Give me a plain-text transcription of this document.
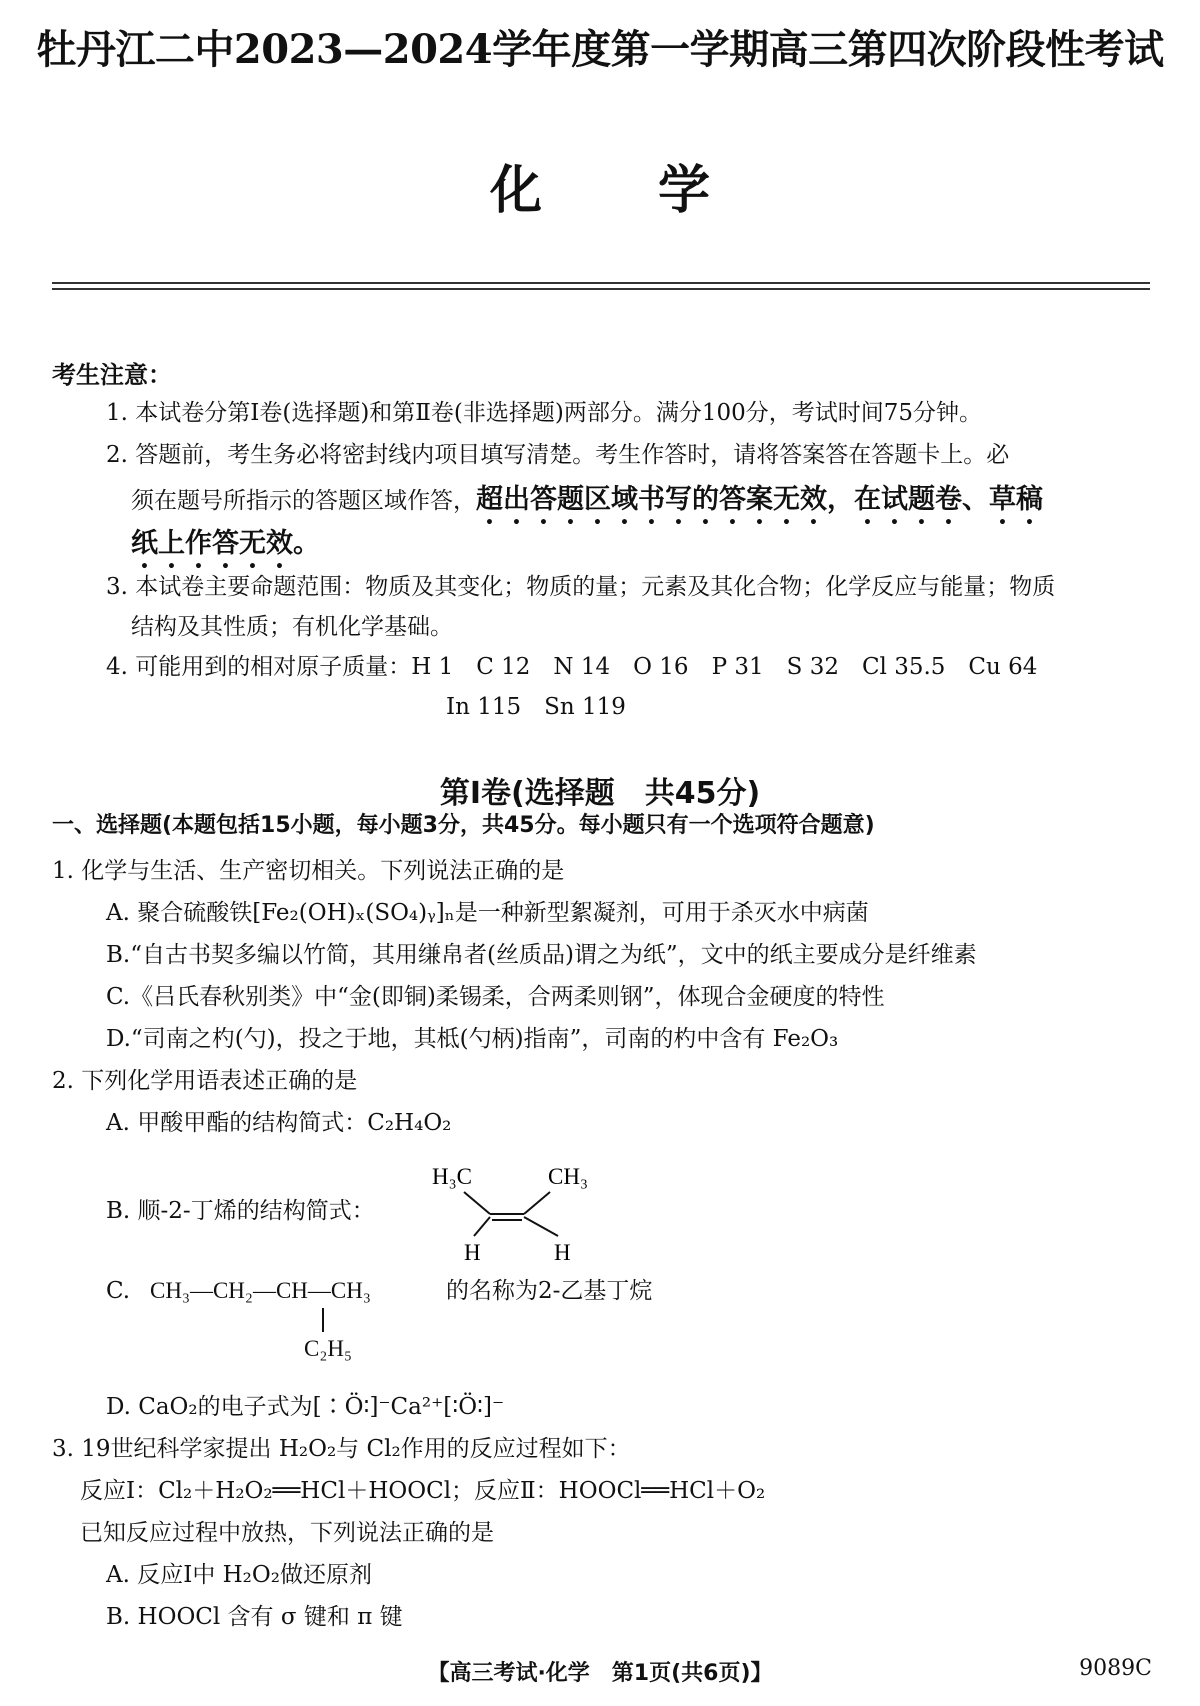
牡丹江二中2023—2024学年度第一学期高三第四次阶段性考试
化 学
考生注意：
1. 本试卷分第Ⅰ卷(选择题)和第Ⅱ卷(非选择题)两部分。满分100分，考试时间75分钟。
2. 答题前，考生务必将密封线内项目填写清楚。考生作答时，请将答案答在答题卡上。必
须在题号所指示的答题区域作答，超出答题区域书写的答案无效，在试题卷、草稿
纸上作答无效。
3. 本试卷主要命题范围：物质及其变化；物质的量；元素及其化合物；化学反应与能量；物质
结构及其性质；有机化学基础。
4. 可能用到的相对原子质量：H 1　C 12　N 14　O 16　P 31　S 32　Cl 35.5　Cu 64
In 115　Sn 119
第Ⅰ卷(选择题　共45分)
一、选择题(本题包括15小题，每小题3分，共45分。每小题只有一个选项符合题意)
1. 化学与生活、生产密切相关。下列说法正确的是
A. 聚合硫酸铁[Fe₂(OH)ₓ(SO₄)ᵧ]ₙ是一种新型絮凝剂，可用于杀灭水中病菌
B.“自古书契多编以竹简，其用缣帛者(丝质品)谓之为纸”，文中的纸主要成分是纤维素
C.《吕氏春秋别类》中“金(即铜)柔锡柔，合两柔则钢”，体现合金硬度的特性
D.“司南之杓(勺)，投之于地，其柢(勺柄)指南”，司南的杓中含有 Fe₂O₃
2. 下列化学用语表述正确的是
A. 甲酸甲酯的结构简式：C₂H₄O₂
B. 顺-2-丁烯的结构简式：
H₃C	CH₃
H	H
C. CH₃—CH₂—CH—CH₃
C₂H₅
的名称为2-乙基丁烷
D. CaO₂的电子式为[∶Ö∶]⁻Ca²⁺[∶Ö∶]⁻
3. 19世纪科学家提出 H₂O₂与 Cl₂作用的反应过程如下：
反应Ⅰ：Cl₂＋H₂O₂══HCl＋HOOCl；反应Ⅱ：HOOCl══HCl＋O₂
已知反应过程中放热，下列说法正确的是
A. 反应Ⅰ中 H₂O₂做还原剂
B. HOOCl 含有 σ 键和 π 键
【高三考试·化学　第1页(共6页)】	9089C
